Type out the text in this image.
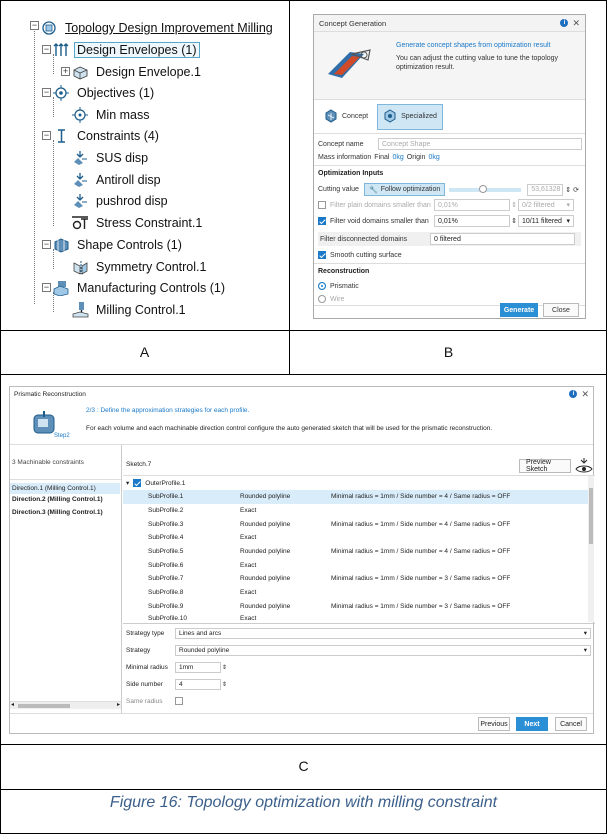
− Topology Design Improvement Milling
− Design Envelopes (1)
+ Design Envelope.1
− Objectives (1)
Min mass
− Constraints (4)
SUS disp
Antiroll disp
pushrod disp
Stress Constraint.1
− Shape Controls (1)
Symmetry Control.1
− Manufacturing Controls (1)
Milling Control.1
Concept Generation	i ✕
Generate concept shapes from optimization result
You can adjust the cutting value to tune the topology optimization result.
Concept	Specialized
Concept name	Concept Shape
Mass information Final 0kg Origin 0kg
Optimization Inputs
Cutting value	🔧 Follow optimization	53,61328 ⇕ ⟳
Filter plain domains smaller than	0,01%	⇕ 0/2 filtered ▾
Filter void domains smaller than	0,01%	⇕ 10/11 filtered ▾
Filter disconnected domains	0 filtered
Smooth cutting surface
Reconstruction
Prismatic
Wire
Generate	Close
Prismatic Reconstruction	i ✕
Step2
2/3 : Define the approximation strategies for each profile.
For each volume and each machinable direction control configure the auto generated sketch that will be used for the prismatic reconstruction.
3 Machinable constraints
Direction.1 (Milling Control.1)
Direction.2 (Milling Control.1)
Direction.3 (Milling Control.1)
◂	▸
Sketch.7	Preview Sketch
▾ OuterProfile.1
SubProfile.1	Rounded polyline	Minimal radius = 1mm / Side number = 4 / Same radius = OFF
SubProfile.2	Exact
SubProfile.3	Rounded polyline	Minimal radius = 1mm / Side number = 4 / Same radius = OFF
SubProfile.4	Exact
SubProfile.5	Rounded polyline	Minimal radius = 1mm / Side number = 4 / Same radius = OFF
SubProfile.6	Exact
SubProfile.7	Rounded polyline	Minimal radius = 1mm / Side number = 3 / Same radius = OFF
SubProfile.8	Exact
SubProfile.9	Rounded polyline	Minimal radius = 1mm / Side number = 3 / Same radius = OFF
SubProfile.10	Exact
Strategy type Lines and arcs	▾
Strategy	Rounded polyline	▾
Minimal radius 1mm	⇕
Side number 4	⇕
Same radius
Previous	Next	Cancel
A	B
C
Figure 16: Topology optimization with milling constraint
